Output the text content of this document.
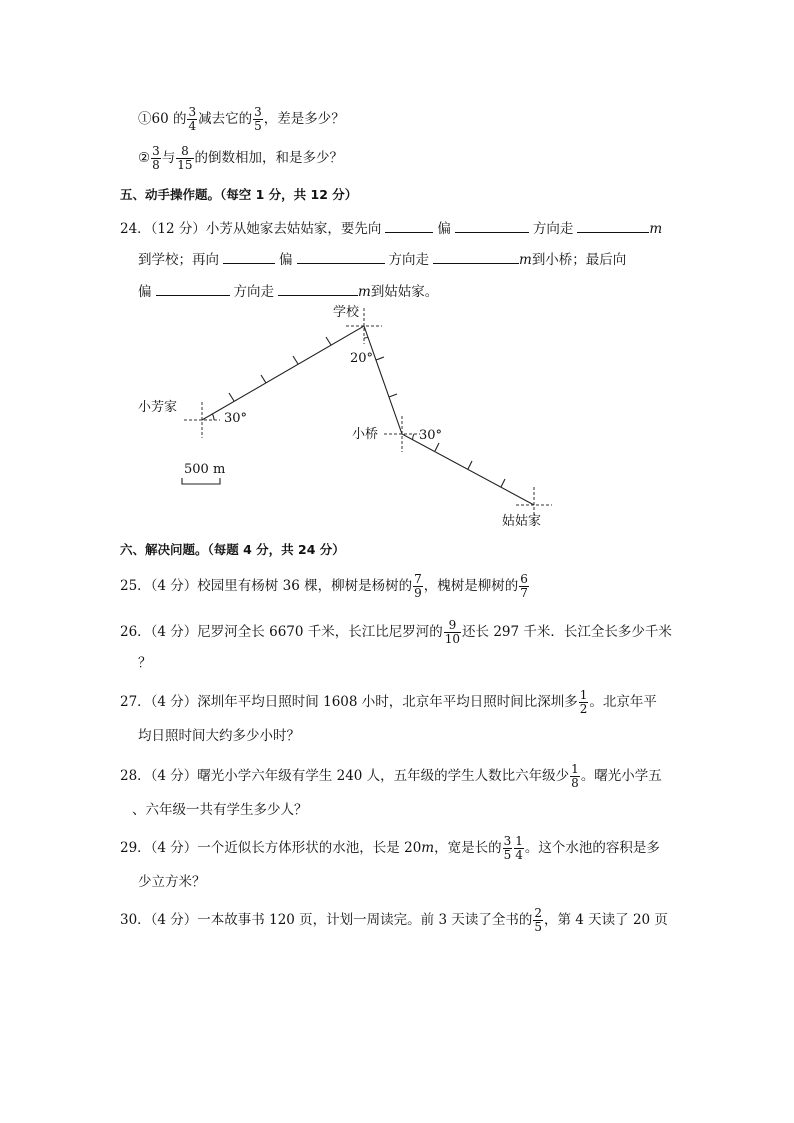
①60 的 $\frac{3}{4}$ 减去它的 $\frac{3}{5}$ ，差是多少？
② $\frac{3}{8}$ 与 $\frac{8}{15}$ 的倒数相加，和是多少？
五、动手操作题。（每空 1 分，共 12 分）
24．（12 分）小芳从她家去姑姑家，要先向	偏	方向走	m
到学校；再向	偏	方向走	m到小桥；最后向
偏	方向走	m到姑姑家。
学校
小芳家
小桥
姑姑家
30°
20°
30°
500 m
六、解决问题。（每题 4 分，共 24 分）
25．（4 分）校园里有杨树 36 棵，柳树是杨树的 $\frac{7}{9}$ ，槐树是柳树的 $\frac{6}{7}$
26．（4 分）尼罗河全长 6670 千米，长江比尼罗河的 $\frac{9}{10}$ 还长 297 千米．长江全长多少千米
？
27．（4 分）深圳年平均日照时间 1608 小时，北京年平均日照时间比深圳多 $\frac{1}{2}$ 。北京年平
均日照时间大约多少小时？
28．（4 分）曙光小学六年级有学生 240 人，五年级的学生人数比六年级少 $\frac{1}{8}$ 。曙光小学五
、六年级一共有学生多少人？
29．（4 分）一个近似长方体形状的水池，长是 20m，宽是长的 $\frac{3}{5} \frac{1}{4}$ 。这个水池的容积是多
少立方米？
30．（4 分）一本故事书 120 页，计划一周读完。前 3 天读了全书的 $\frac{2}{5}$ ，第 4 天读了 20 页
